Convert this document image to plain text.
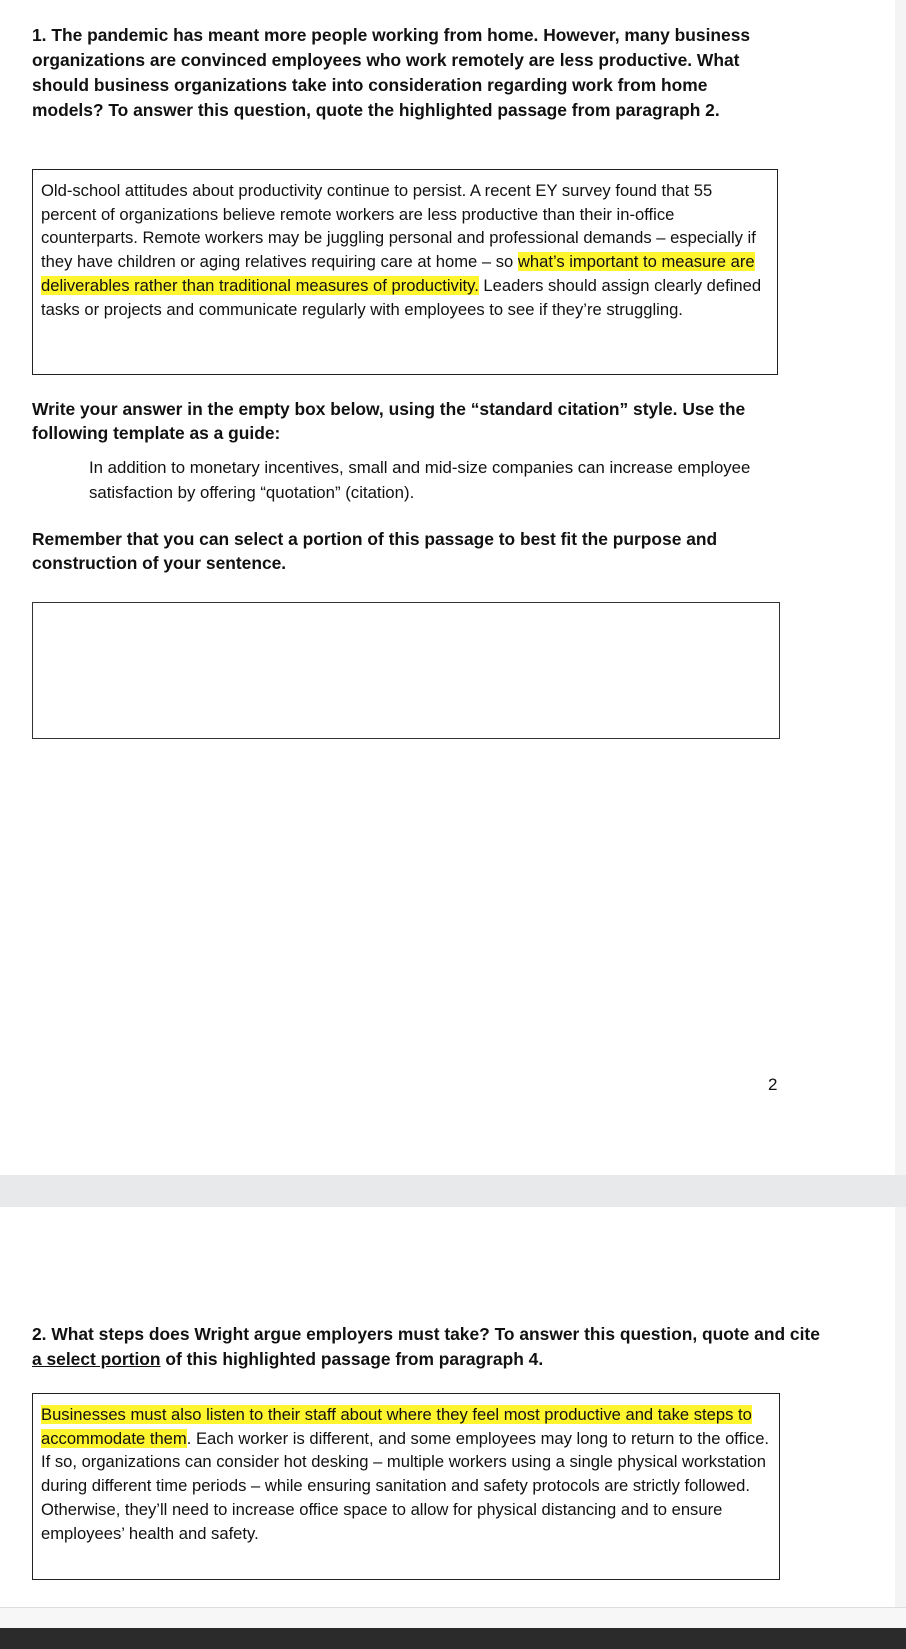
1. The pandemic has meant more people working from home. However, many business organizations are convinced employees who work remotely are less productive. What should business organizations take into consideration regarding work from home models? To answer this question, quote the highlighted passage from paragraph 2.
Old-school attitudes about productivity continue to persist. A recent EY survey found that 55 percent of organizations believe remote workers are less productive than their in-office counterparts. Remote workers may be juggling personal and professional demands – especially if they have children or aging relatives requiring care at home – so what’s important to measure are deliverables rather than traditional measures of productivity. Leaders should assign clearly defined tasks or projects and communicate regularly with employees to see if they’re struggling.
Write your answer in the empty box below, using the “standard citation” style. Use the following template as a guide:
In addition to monetary incentives, small and mid-size companies can increase employee satisfaction by offering “quotation” (citation).
Remember that you can select a portion of this passage to best fit the purpose and construction of your sentence.
2
2. What steps does Wright argue employers must take? To answer this question, quote and cite a select portion of this highlighted passage from paragraph 4.
Businesses must also listen to their staff about where they feel most productive and take steps to accommodate them. Each worker is different, and some employees may long to return to the office. If so, organizations can consider hot desking – multiple workers using a single physical workstation during different time periods – while ensuring sanitation and safety protocols are strictly followed. Otherwise, they’ll need to increase office space to allow for physical distancing and to ensure employees’ health and safety.
